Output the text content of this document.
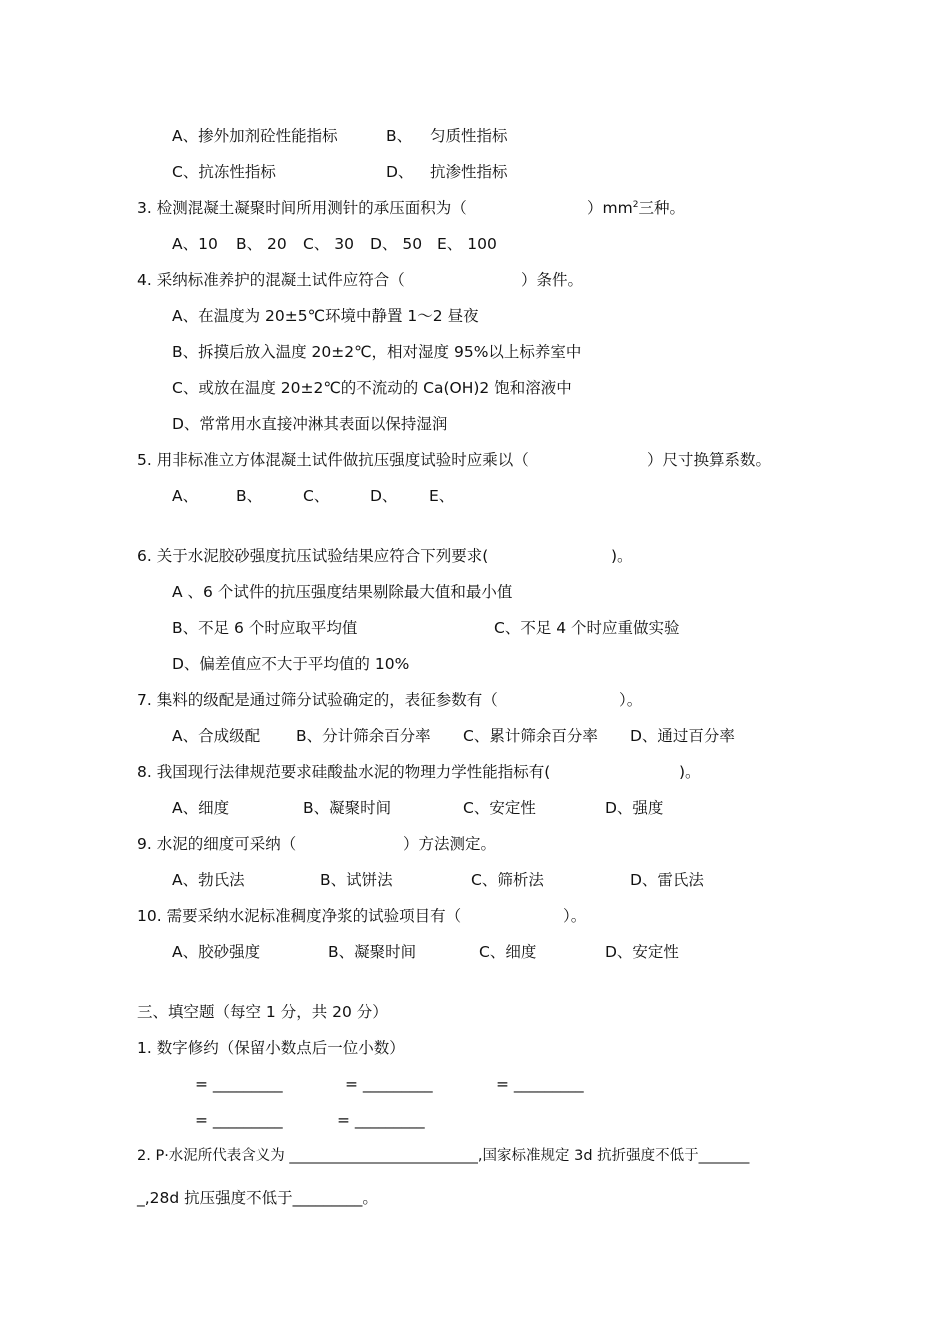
A、掺外加剂砼性能指标

	B、

匀质性指标

C、抗冻性指标

	D、

抗渗性指标

3. 检测混凝土凝聚时间所用测针的承压面积为（

	）$mm^2$三种。

A、10

B、 20

C、 30

D、 50

E、 100

4. 采纳标准养护的混凝土试件应符合（

	）条件。

A、在温度为 20±5℃环境中静置 1～2 昼夜
B、拆摸后放入温度 20±2℃，相对湿度 95%以上标养室中
C、或放在温度 20±2℃的不流动的 Ca(OH)2 饱和溶液中
D、常常用水直接冲淋其表面以保持湿润

5. 用非标准立方体混凝土试件做抗压强度试验时应乘以（

	）尺寸换算系数。

A、

B、

	C、

	D、

E、

6. 关于水泥胶砂强度抗压试验结果应符合下列要求(

	)。

A 、6 个试件的抗压强度结果剔除最大值和最小值

B、不足 6 个时应取平均值

	C、不足 4 个时应重做实验

D、偏差值应不大于平均值的 10%

7. 集料的级配是通过筛分试验确定的，表征参数有（

	）。

A、合成级配

B、分计筛余百分率

C、累计筛余百分率

D、通过百分率

8. 我国现行法律规范要求硅酸盐水泥的物理力学性能指标有(

	)。

A、细度

	B、凝聚时间

	C、安定性

	D、强度

9. 水泥的细度可采纳（

	）方法测定。

A、勃氏法

	B、试饼法

	C、筛析法

	D、雷氏法

10. 需要采纳水泥标准稠度净浆的试验项目有（

	）。

A、胶砂强度

	B、凝聚时间

	C、细度

	D、安定性

三、填空题（每空 1 分，共 20 分）
1. 数字修约（保留小数点后一位小数）

= _________

	= _________

	= _________

= _________

	= _________

2. P·水泥所代表含义为 __________________________,国家标准规定 3d 抗折强度不低于_______
_,28d 抗压强度不低于_________。
